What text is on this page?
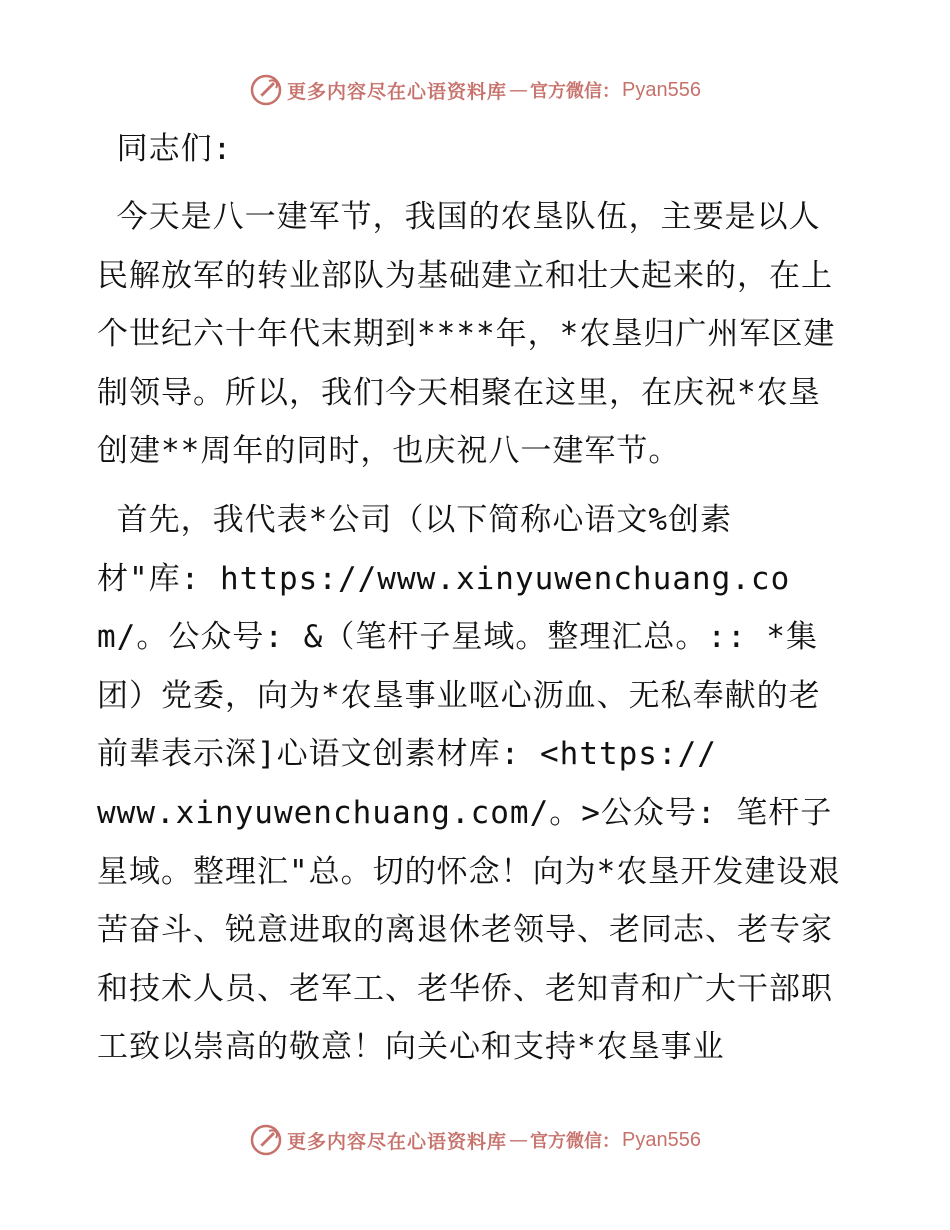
更多内容尽在心语资料库 — 官方微信： Pyan556

同志们:

今天是八一建军节，我国的农垦队伍，主要是以人民解放军的转业部队为基础建立和壮大起来的，在上个世纪六十年代末期到****年，*农垦归广州军区建制领导。所以，我们今天相聚在这里，在庆祝*农垦创建**周年的同时，也庆祝八一建军节。

首先，我代表*公司（以下简称心语文%创素
材"库: https://www.xinyuwenchuang.com/。公众号: &（笔杆子星域。整理汇总。:: *集团）党委，向为*农垦事业呕心沥血、无私奉献的老前辈表示深]心语文创素材库: <https://
www.xinyuwenchuang.com/。>公众号: 笔杆子星域。整理汇"总。切的怀念！向为*农垦开发建设艰苦奋斗、锐意进取的离退休老领导、老同志、老专家和技术人员、老军工、老华侨、老知青和广大干部职工致以崇高的敬意！向关心和支持*农垦事业

更多内容尽在心语资料库 — 官方微信： Pyan556
